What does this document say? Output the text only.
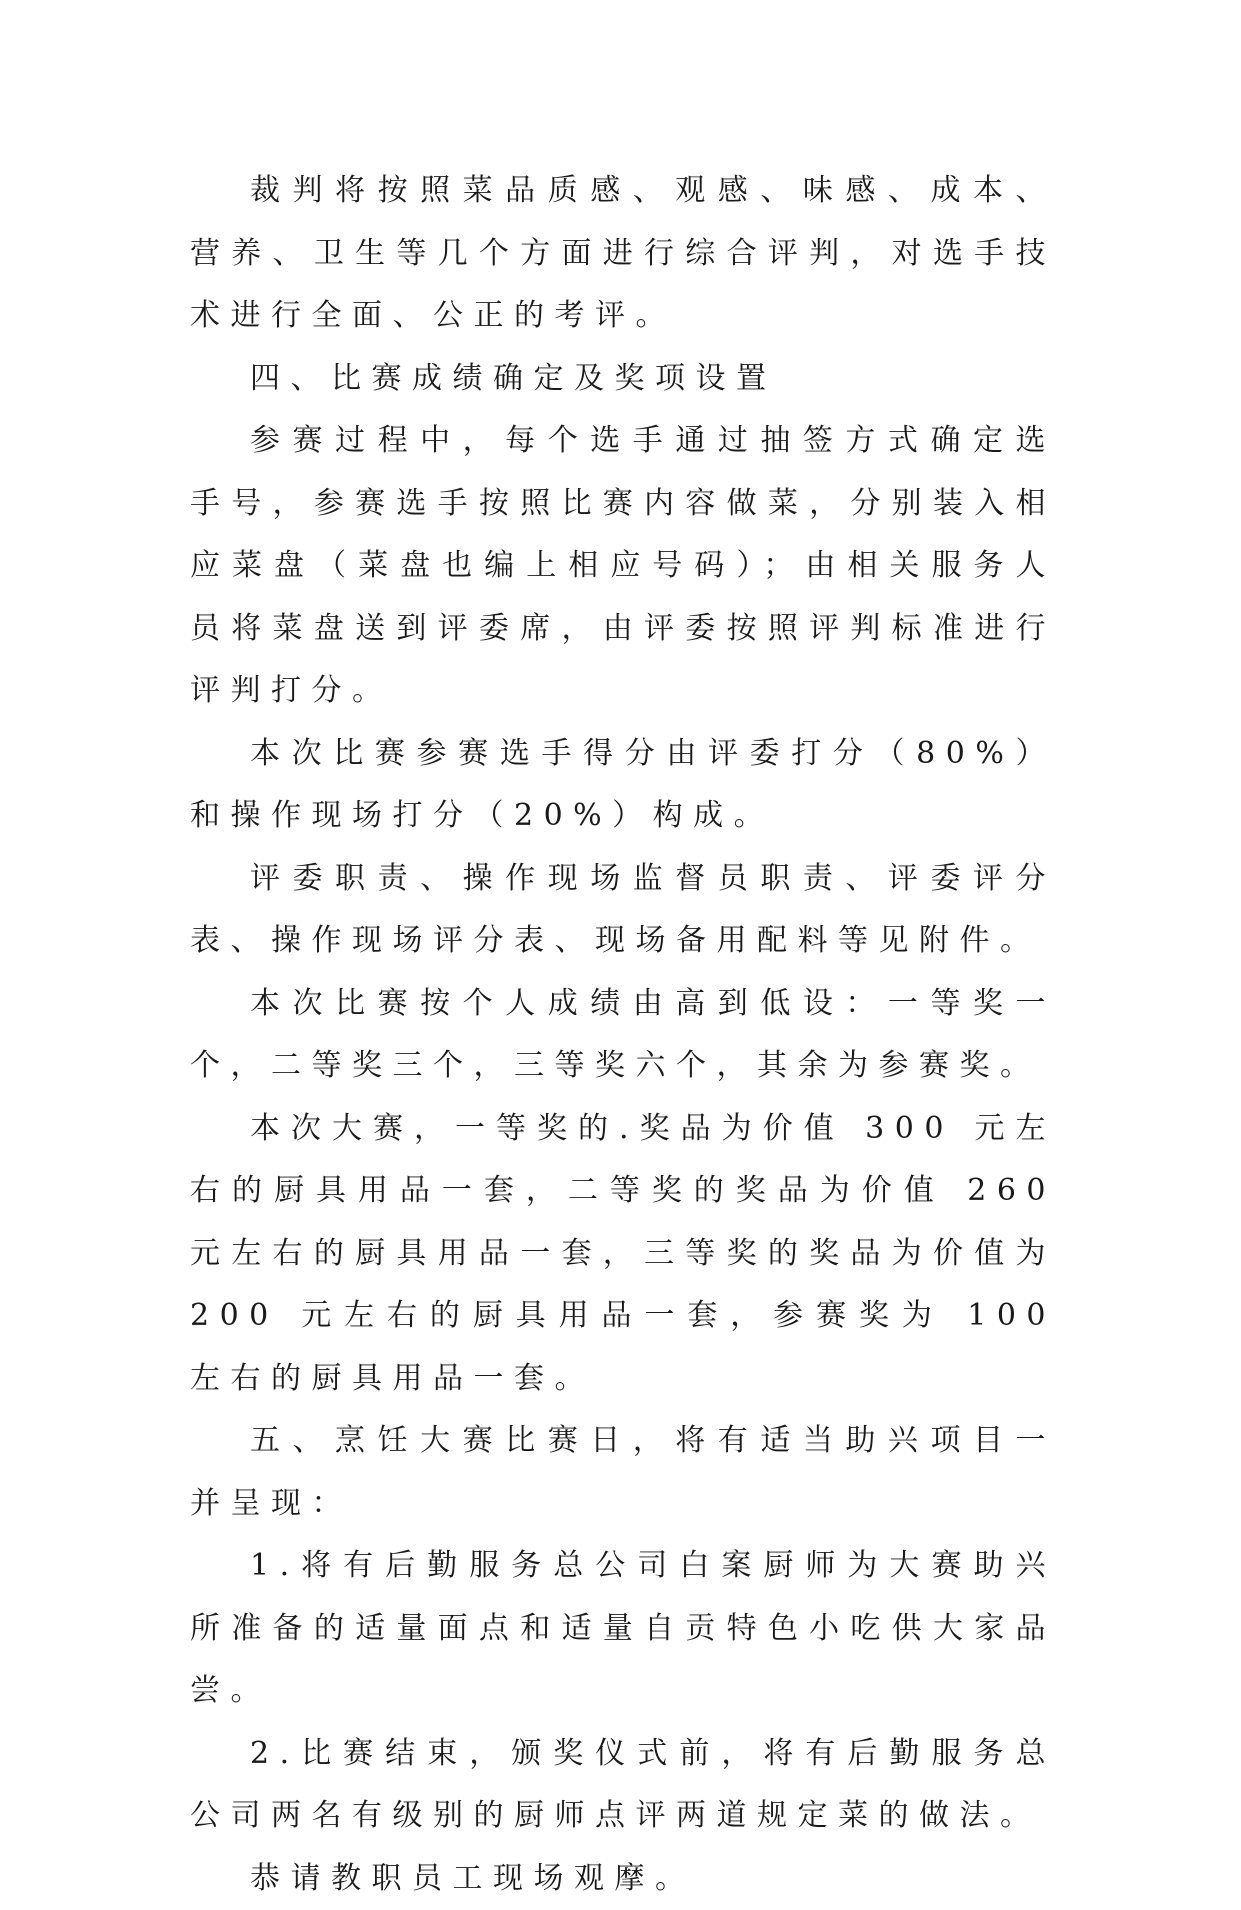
裁判将按照菜品质感、观感、味感、成本、营养、卫生等几个方面进行综合评判，对选手技术进行全面、公正的考评。

四、比赛成绩确定及奖项设置

参赛过程中，每个选手通过抽签方式确定选手号，参赛选手按照比赛内容做菜，分别装入相应菜盘（菜盘也编上相应号码）；由相关服务人员将菜盘送到评委席，由评委按照评判标准进行评判打分。

本次比赛参赛选手得分由评委打分（80%）和操作现场打分（20%）构成。

评委职责、操作现场监督员职责、评委评分表、操作现场评分表、现场备用配料等见附件。

本次比赛按个人成绩由高到低设：一等奖一个，二等奖三个，三等奖六个，其余为参赛奖。

本次大赛，一等奖的.奖品为价值 300 元左右的厨具用品一套，二等奖的奖品为价值 260 元左右的厨具用品一套，三等奖的奖品为价值为 200 元左右的厨具用品一套，参赛奖为 100 左右的厨具用品一套。

五、烹饪大赛比赛日，将有适当助兴项目一并呈现：

1.将有后勤服务总公司白案厨师为大赛助兴所准备的适量面点和适量自贡特色小吃供大家品尝。

2.比赛结束，颁奖仪式前，将有后勤服务总公司两名有级别的厨师点评两道规定菜的做法。

恭请教职员工现场观摩。
